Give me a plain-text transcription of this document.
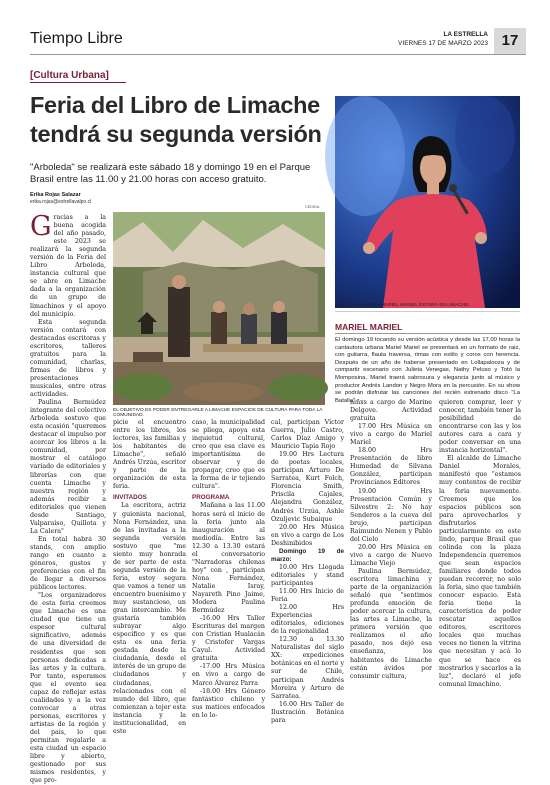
Tiempo Libre	LA ESTRELLA
VIERNES 17 DE MARZO 2023 17
[Cultura Urbana]
Feria del Libro de Limache
tendrá su segunda versión
"Arboleda" se realizará este sábado 18 y domingo 19 en el Parque Brasil entre las 11.00 y 21.00 horas con acceso gratuito.
Erika Rojas Salazar
erika.rojas@estrellavalpo.cl
G racias a la buena acogida del año pasado, este 2023 se realizará la segunda versión de la Feria del Libro Arboleda, instancia cultural que se abre en Limache dada a la organización de un grupo de limachinos y el apoyo del municipio.

Esta segunda versión contará con destacadas escritoras y escritores, talleres gratuitos para la comunidad, charlas, firmas de libros y presentaciones musicales, entre otras actividades.

Paulina Bermúdez integrante del colectivo Arboleda sostuvo que esta ocasión "queremos destacar el impulso por acercar los libros a la comunidad, por mostrar el catálogo variado de editoriales y librerías con que cuenta Limache y nuestra región y además recibir a editoriales que vienen desde Santiago, Valparaíso, Quillota y La Calera"

En total habrá 30 stands, con amplio rango en cuanto a géneros, gustos y preferencias con el fin de llegar a diversos públicos lectores.

"Los organizadores de esta feria creemos que Limache es una ciudad que tiene un espesor cultural significativo, además de una diversidad de residentes que son personas dedicadas a las artes y la cultura. Por tanto, esperamos que el evento sea capaz de reflejar estas cualidades y a la vez convocar a otras personas, escritores y artistas de la región y del país, lo que permitan regalarle a esta ciudad un espacio libre y abierto, gestionado por sus mismos residentes, y que pro-

CEDIDA
EL OBJETIVO ES PODER ENTREGARLE A LIMACHE ESPACIOS DE CULTURA PARA TODA LA COMUNIDAD.

picie el encuentro entre los libros, los lectores, las familias y los habitantes de Limache", señaló Andrés Urzúa, escritor y parte de la organización de esta feria.

INVITADOS

La escritora, actriz y guionista nacional, Nona Fernández, una de las invitadas a la segunda versión sostuvo que "me siento muy honrada de ser parte de esta segunda versión de la feria, estoy segura que vamos a tener un encuentro buenísimo y muy sustancioso, un gran intercambio. Me gustaría también subrayar algo específico y es que esta es una feria gestada desde la ciudadanía, desde el interés de un grupo de ciudadanos y ciudadanas, relacionados con el mundo del libro, que comienzan a tejer esta instancia y la institucionalidad, en este

caso, la municipalidad se pliega, apoya esta inquietud cultural, creo que esa clave es importantísima de observar y de propagar, creo que es la forma de ir tejiendo cultura".

PROGRAMA

Mañana a las 11.00 horas será el inicio de la feria junto ala inauguración al mediodía. Entre las 12.30 a 13.30 estará el conversatorio "Narradoras chilenas hoy" con , participan Nona Fernández, Natalie Isray, Nayareth Pino Jaime, Modera Paulina Bermúdez

-16.00 Hrs Taller Escrituras del margen con Cristian Hualacán y Cristofer Vargas Cayul. Actividad gratuita

-17.00 Hrs Música en vivo a cargo de Marco Álvarez Parra

-18.00 Hrs Género fantástico chileno y sus matices enfocados en lo lo-

cal, participan Víctor Guerra, Julio Castro, Carlos Díaz Amigo y Mauricio Tapia Rojo

19.00 Hrs Lectura de poetas locales, participan Arturo De Sarratea, Kurt Folch, Florencia Smith, Priscila Cajales, Alejandra González, Andrés Urzúa, Ashle Ozuljevic Subaique

20.00 Hrs Música en vivo a cargo de Los Deshinibidos

Domingo 19 de marzo:

10.00 Hrs Llegada editoriales y stand participantes

11.00 Hrs Inicio de Feria

12.00 Hrs Experiencias editoriales, ediciones de la regionalidad

12.30 a 13.30 Naturalistas del siglo XX: expediciones botánicas en el norte y sur de Chile, participan Andrés Moreira y Arturo de Sarratea.

16.00 Hrs Taller de Ilustración Botánica para

niñxs a cargo de Marine Delgove. Actividad gratuita

17.00 Hrs Música en vivo a cargo de Mariel Mariel

18.00 Hrs Presentación de libro Humedad de Silvana González, participan Provincianos Editores

19.00 Hrs Presentación Común y Silvestre 2: No hay Senderos a la cueva del brujo, participan Raimundo Nenen y Pablo del Cielo

20.00 Hrs Música en vivo a cargo de Nuevo Limache Viejo

Paulina Bermúdez, escritora limachina y parte de la organización señaló que "sentimos profunda emoción de poder acercar la cultura, las artes a Limache, la primera versión que realizamos el año pasado, nos dejó esa enseñanza, los habitantes de Limache están ávidos por consumir cultura,

quieren comprar, leer y conocer, también tener la posibilidad de encontrarse con las y los autores cara a cara y poder conversar en una instancia horizontal".

El alcalde de Limache Daniel Morales, manifestó que "estamos muy contentos de recibir la feria nuevamente. Creemos que los espacios públicos son para aprovecharlos y disfrutarlos particularmente en este lindo, parque Brasil que colinda con la plaza Independencia queremos que sean espacios familiares donde todos puedan recorrer, no solo la feria, sino que también conocer espacio. Esta feria tiene la característica de poder rescatar aquellos editores, escritores locales que muchas veces no tienen la vitrina que necesitan y acá lo que se hace es mostrarlos y sacarlos a la luz", declaró el jefe comunal limachino.

DE FORMA INÉDITA MARIEL MARIEL ESTARÁ EN LIMACHE.
MARIEL MARIEL
El domingo 19 tocando su versión acústica y desde las 17.00 horas la cantautora urbana Mariel Mariel se presentará en un formato de raiz, con guitarra, flauta traversa, rimas con estilo y coros con herencia. Después de un año de haberse presentado en Lollapalooza y de compartir escenario con Julieta Venegas, Nathy Peluso y Totó la Momposina, Mariel traerá sabrosura y elegancia junto al músico y productor Andrés Landon y Negro Mora en la percusión. En su show se podrán disfrutar las canciones del recién estrenado disco "La Batalla".
